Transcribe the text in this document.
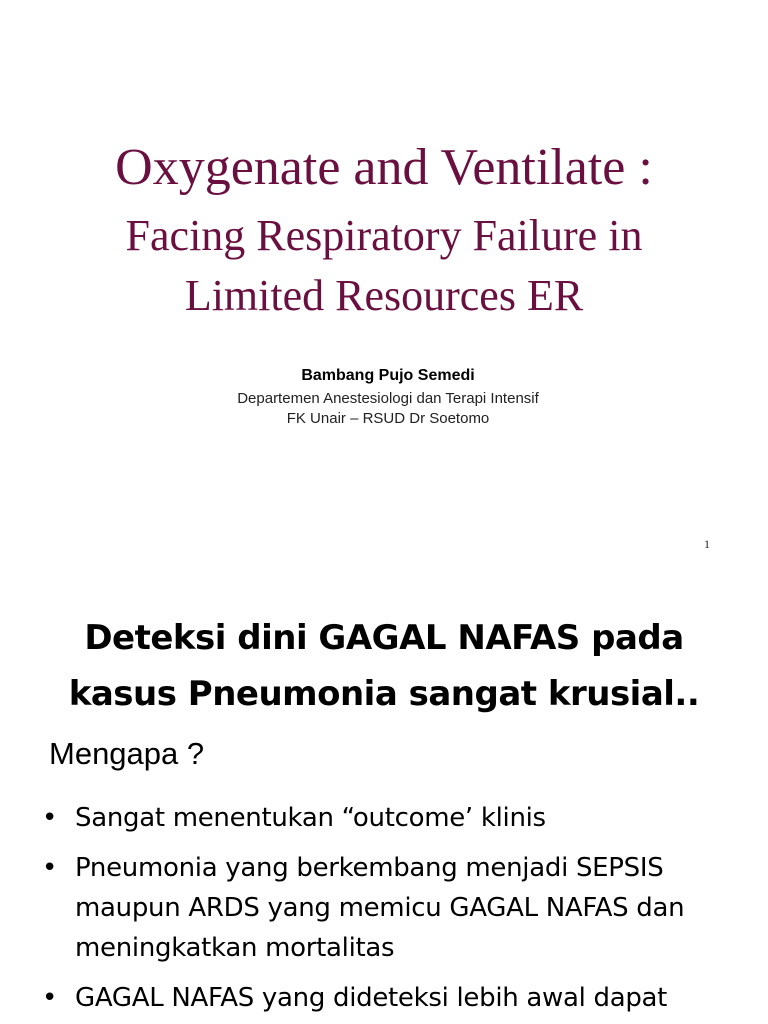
Oxygenate and Ventilate :
Facing Respiratory Failure in
Limited Resources ER
Bambang Pujo Semedi
Departemen Anestesiologi dan Terapi Intensif
FK Unair – RSUD Dr Soetomo
1
Deteksi dini GAGAL NAFAS pada
kasus Pneumonia sangat krusial..
Mengapa ?
• Sangat menentukan “outcome’ klinis
• Pneumonia yang berkembang menjadi SEPSIS maupun ARDS yang memicu GAGAL NAFAS dan meningkatkan mortalitas
• GAGAL NAFAS yang dideteksi lebih awal dapat
